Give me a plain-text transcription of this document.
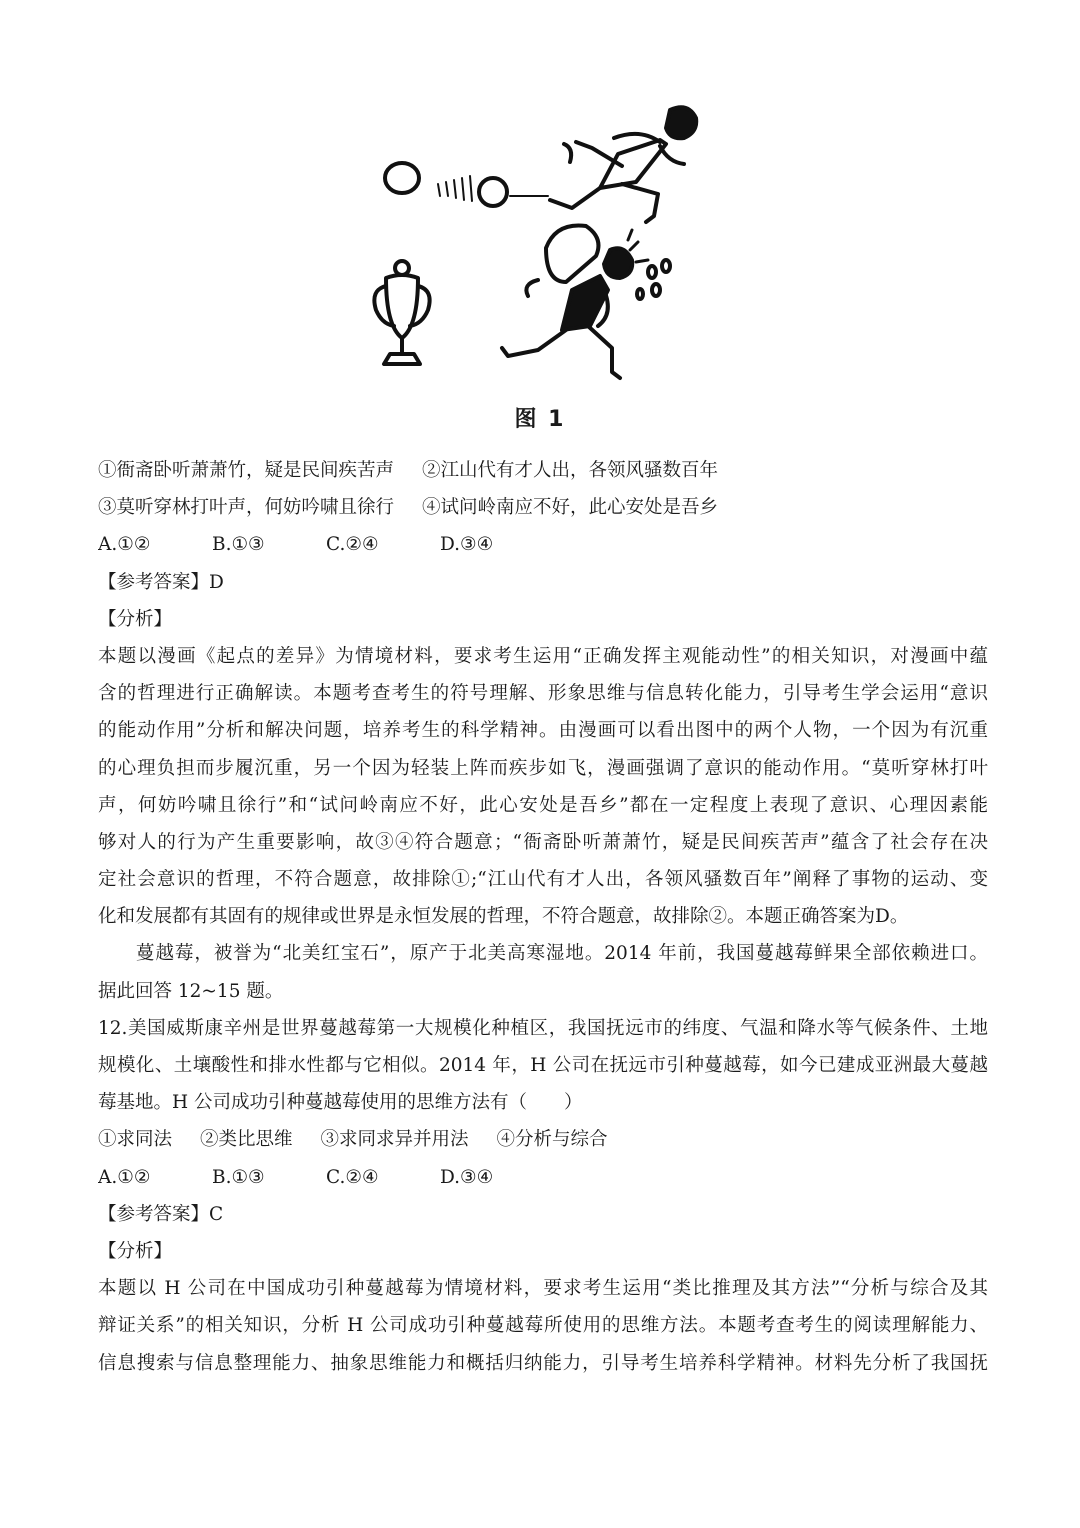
图 1
①衙斋卧听萧萧竹，疑是民间疾苦声 ②江山代有才人出，各领风骚数百年
③莫听穿林打叶声，何妨吟啸且徐行 ④试问岭南应不好，此心安处是吾乡
A.①②	B.①③	C.②④	D.③④
【参考答案】D
【分析】
本题以漫画《起点的差异》为情境材料，要求考生运用“正确发挥主观能动性”的相关知识，对漫画中蕴
含的哲理进行正确解读。本题考查考生的符号理解、形象思维与信息转化能力，引导考生学会运用“意识
的能动作用”分析和解决问题，培养考生的科学精神。由漫画可以看出图中的两个人物，一个因为有沉重
的心理负担而步履沉重，另一个因为轻装上阵而疾步如飞，漫画强调了意识的能动作用。“莫听穿林打叶
声，何妨吟啸且徐行”和“试问岭南应不好，此心安处是吾乡”都在一定程度上表现了意识、心理因素能
够对人的行为产生重要影响，故③④符合题意；“衙斋卧听萧萧竹，疑是民间疾苦声”蕴含了社会存在决
定社会意识的哲理，不符合题意，故排除①;“江山代有才人出，各领风骚数百年”阐释了事物的运动、变
化和发展都有其固有的规律或世界是永恒发展的哲理，不符合题意，故排除②。本题正确答案为D。
蔓越莓，被誉为“北美红宝石”，原产于北美高寒湿地。2014 年前，我国蔓越莓鲜果全部依赖进口。
据此回答 12~15 题。
12.美国威斯康辛州是世界蔓越莓第一大规模化种植区，我国抚远市的纬度、气温和降水等气候条件、土地
规模化、土壤酸性和排水性都与它相似。2014 年，H 公司在抚远市引种蔓越莓，如今已建成亚洲最大蔓越
莓基地。H 公司成功引种蔓越莓使用的思维方法有（　　）
①求同法 ②类比思维 ③求同求异并用法 ④分析与综合
A.①②	B.①③	C.②④	D.③④
【参考答案】C
【分析】
本题以 H 公司在中国成功引种蔓越莓为情境材料，要求考生运用“类比推理及其方法”“分析与综合及其
辩证关系”的相关知识，分析 H 公司成功引种蔓越莓所使用的思维方法。本题考查考生的阅读理解能力、
信息搜索与信息整理能力、抽象思维能力和概括归纳能力，引导考生培养科学精神。材料先分析了我国抚
